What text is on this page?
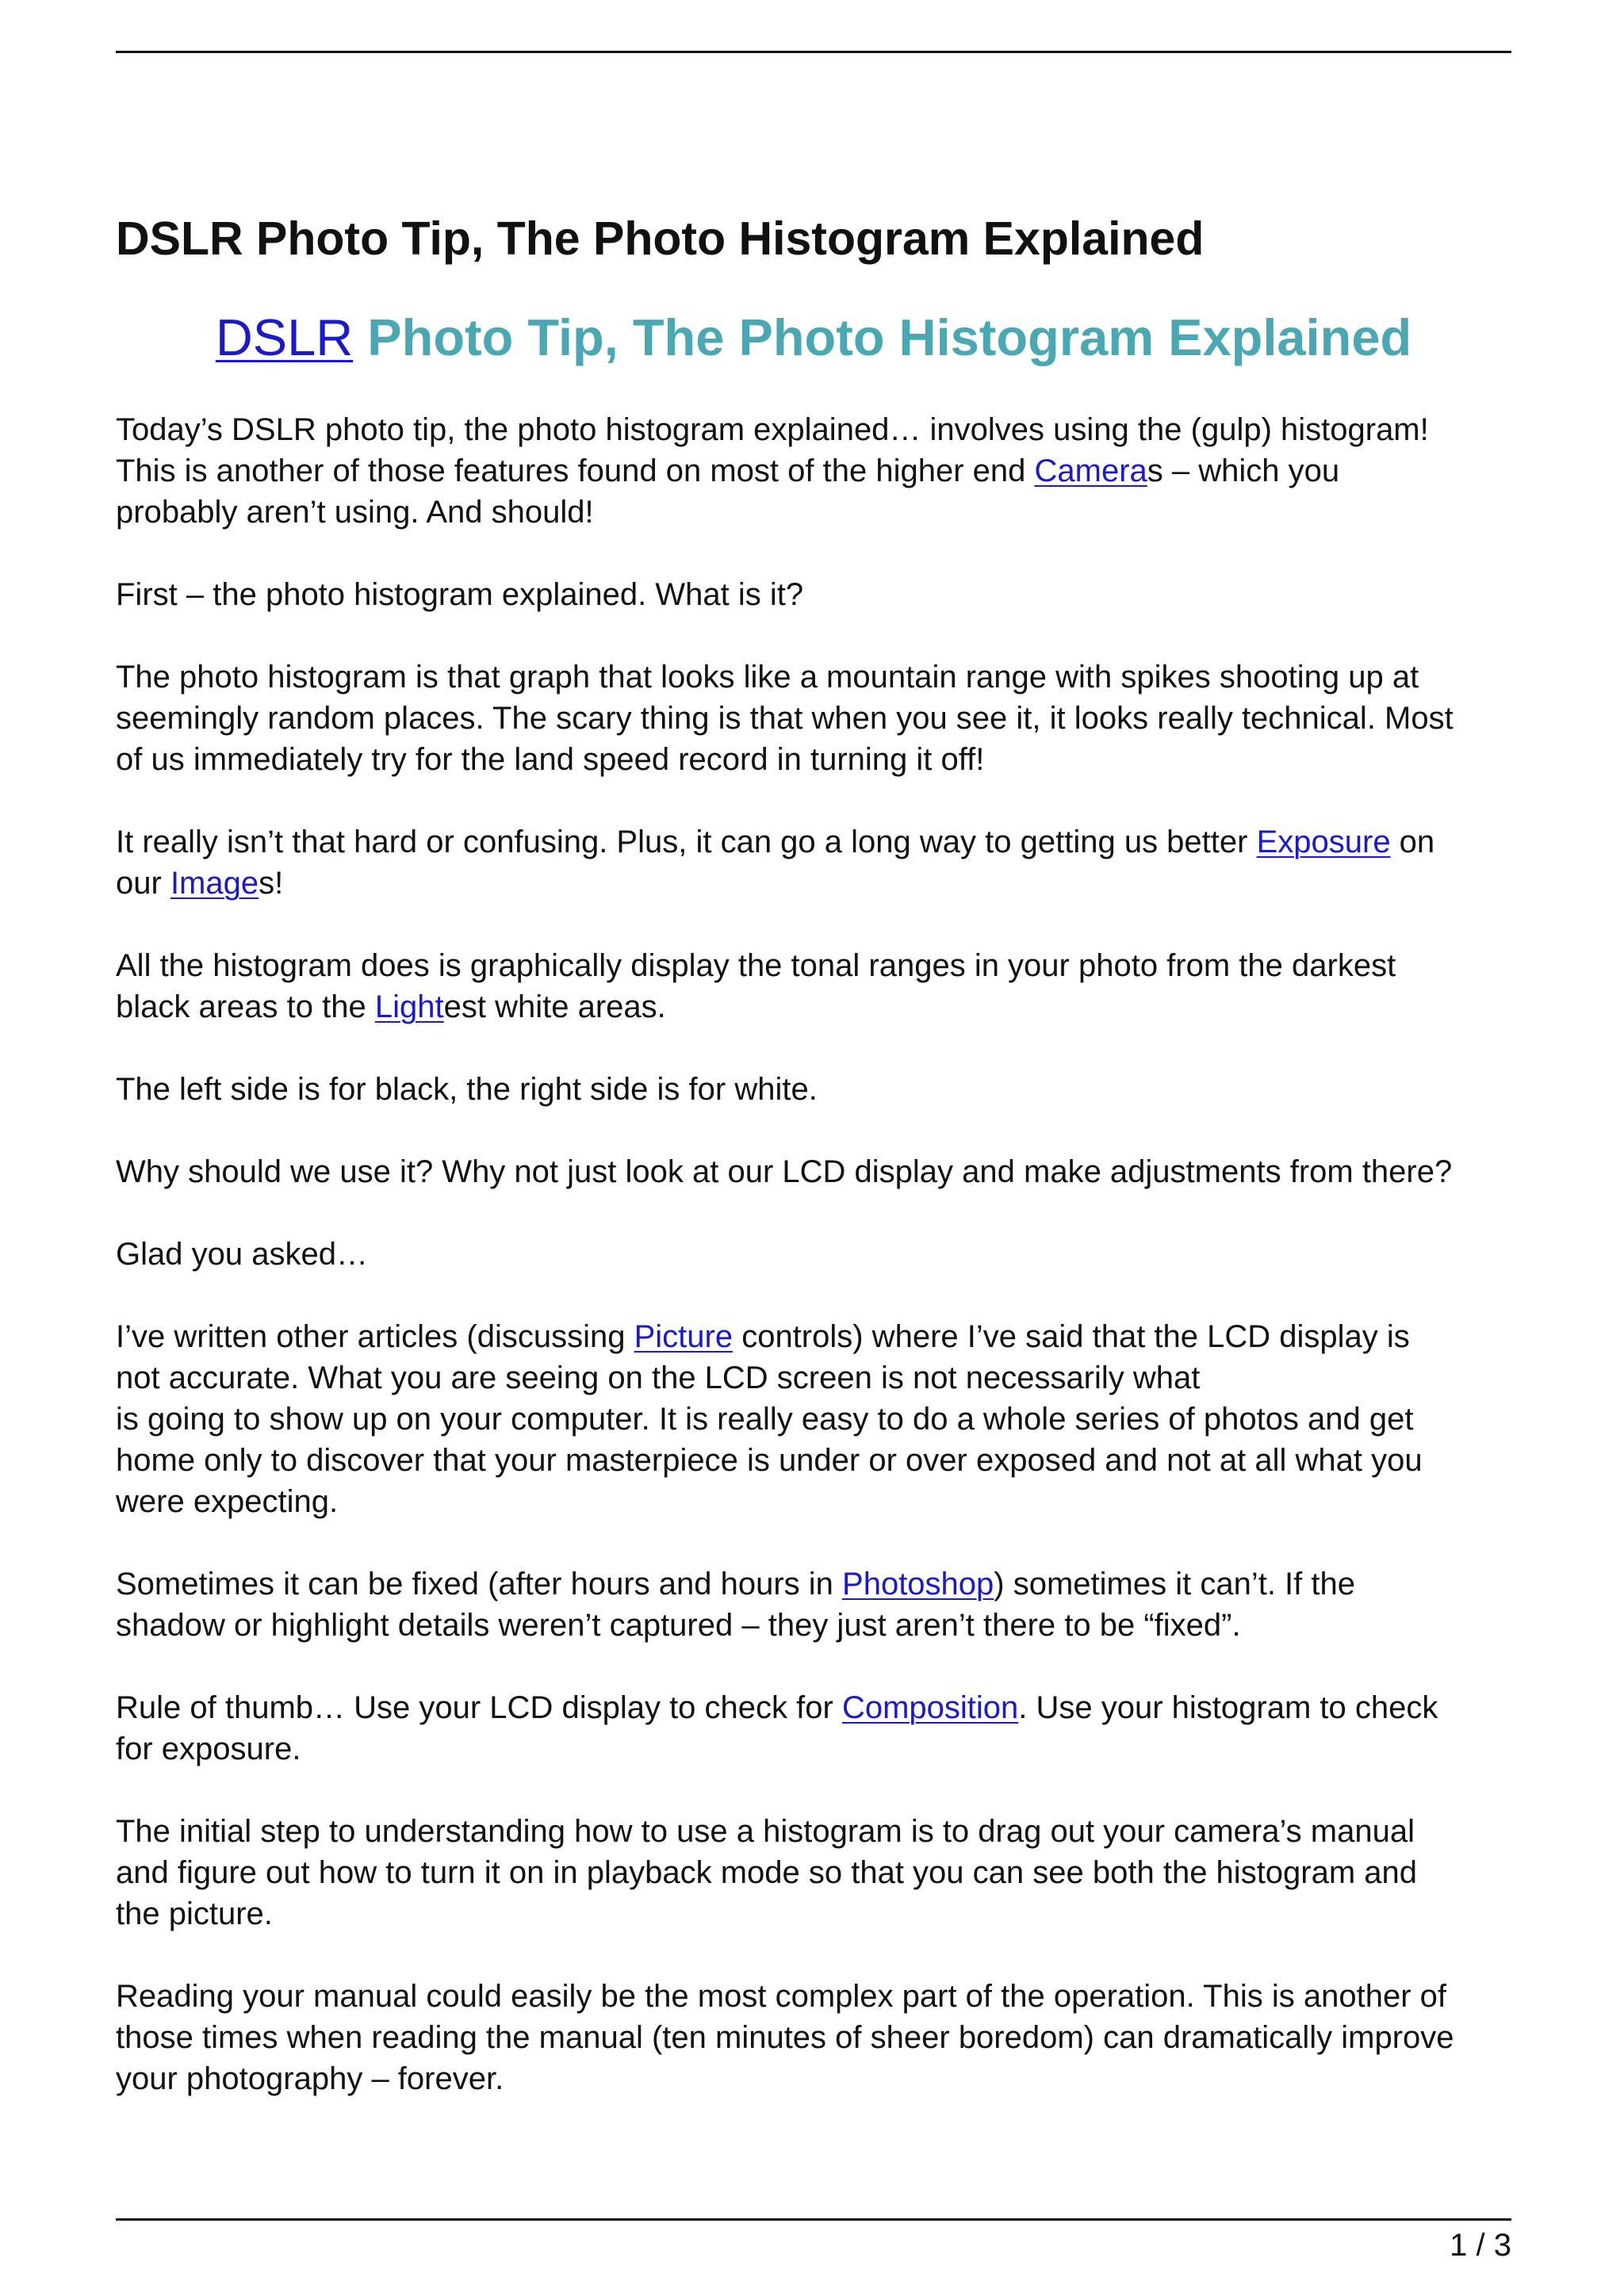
DSLR Photo Tip, The Photo Histogram Explained
DSLR Photo Tip, The Photo Histogram Explained

Today’s DSLR photo tip, the photo histogram explained… involves using the (gulp) histogram!
This is another of those features found on most of the higher end Cameras – which you
probably aren’t using. And should!

First – the photo histogram explained. What is it?

The photo histogram is that graph that looks like a mountain range with spikes shooting up at
seemingly random places. The scary thing is that when you see it, it looks really technical. Most
of us immediately try for the land speed record in turning it off!

It really isn’t that hard or confusing. Plus, it can go a long way to getting us better Exposure on
our Images!

All the histogram does is graphically display the tonal ranges in your photo from the darkest
black areas to the Lightest white areas.

The left side is for black, the right side is for white.

Why should we use it? Why not just look at our LCD display and make adjustments from there?

Glad you asked…

I’ve written other articles (discussing Picture controls) where I’ve said that the LCD display is
not accurate. What you are seeing on the LCD screen is not necessarily what
is going to show up on your computer. It is really easy to do a whole series of photos and get
home only to discover that your masterpiece is under or over exposed and not at all what you
were expecting.

Sometimes it can be fixed (after hours and hours in Photoshop) sometimes it can’t. If the
shadow or highlight details weren’t captured – they just aren’t there to be “fixed”.

Rule of thumb… Use your LCD display to check for Composition. Use your histogram to check
for exposure.

The initial step to understanding how to use a histogram is to drag out your camera’s manual
and figure out how to turn it on in playback mode so that you can see both the histogram and
the picture.

Reading your manual could easily be the most complex part of the operation. This is another of
those times when reading the manual (ten minutes of sheer boredom) can dramatically improve
your photography – forever.

1 / 3
